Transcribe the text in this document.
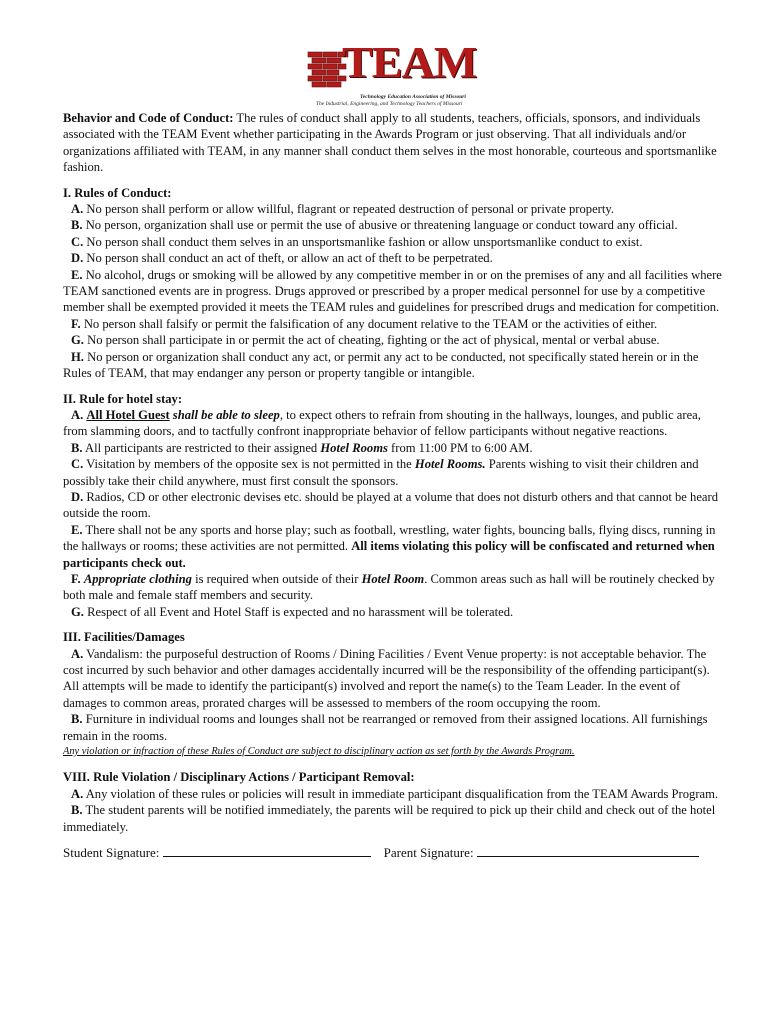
TEAM
Technology Education Association of Missouri
The Industrial, Engineering, and Technology Teachers of Missouri

Behavior and Code of Conduct: The rules of conduct shall apply to all students, teachers, officials, sponsors, and individuals associated with the TEAM Event whether participating in the Awards Program or just observing. That all individuals and/or organizations affiliated with TEAM, in any manner shall conduct them selves in the most honorable, courteous and sportsmanlike fashion.

I. Rules of Conduct:

A. No person shall perform or allow willful, flagrant or repeated destruction of personal or private property.

B. No person, organization shall use or permit the use of abusive or threatening language or conduct toward any official.

C. No person shall conduct them selves in an unsportsmanlike fashion or allow unsportsmanlike conduct to exist.

D. No person shall conduct an act of theft, or allow an act of theft to be perpetrated.

E. No alcohol, drugs or smoking will be allowed by any competitive member in or on the premises of any and all facilities where TEAM sanctioned events are in progress. Drugs approved or prescribed by a proper medical personnel for use by a competitive member shall be exempted provided it meets the TEAM rules and guidelines for prescribed drugs and medication for competition.

F. No person shall falsify or permit the falsification of any document relative to the TEAM or the activities of either.

G. No person shall participate in or permit the act of cheating, fighting or the act of physical, mental or verbal abuse.

H. No person or organization shall conduct any act, or permit any act to be conducted, not specifically stated herein or in the Rules of TEAM, that may endanger any person or property tangible or intangible.

II. Rule for hotel stay:

A. All Hotel Guest shall be able to sleep, to expect others to refrain from shouting in the hallways, lounges, and public area, from slamming doors, and to tactfully confront inappropriate behavior of fellow participants without negative reactions.

B. All participants are restricted to their assigned Hotel Rooms from 11:00 PM to 6:00 AM.

C. Visitation by members of the opposite sex is not permitted in the Hotel Rooms. Parents wishing to visit their children and possibly take their child anywhere, must first consult the sponsors.

D. Radios, CD or other electronic devises etc. should be played at a volume that does not disturb others and that cannot be heard outside the room.

E. There shall not be any sports and horse play; such as football, wrestling, water fights, bouncing balls, flying discs, running in the hallways or rooms; these activities are not permitted. All items violating this policy will be confiscated and returned when participants check out.

F. Appropriate clothing is required when outside of their Hotel Room. Common areas such as hall will be routinely checked by both male and female staff members and security.

G. Respect of all Event and Hotel Staff is expected and no harassment will be tolerated.

III. Facilities/Damages

A. Vandalism: the purposeful destruction of Rooms / Dining Facilities / Event Venue property: is not acceptable behavior. The cost incurred by such behavior and other damages accidentally incurred will be the responsibility of the offending participant(s). All attempts will be made to identify the participant(s) involved and report the name(s) to the Team Leader. In the event of damages to common areas, prorated charges will be assessed to members of the room occupying the room.

B. Furniture in individual rooms and lounges shall not be rearranged or removed from their assigned locations. All furnishings remain in the rooms.

Any violation or infraction of these Rules of Conduct are subject to disciplinary action as set forth by the Awards Program.

VIII. Rule Violation / Disciplinary Actions / Participant Removal:

A. Any violation of these rules or policies will result in immediate participant disqualification from the TEAM Awards Program.

B. The student parents will be notified immediately, the parents will be required to pick up their child and check out of the hotel immediately.

Student Signature:	Parent Signature:
